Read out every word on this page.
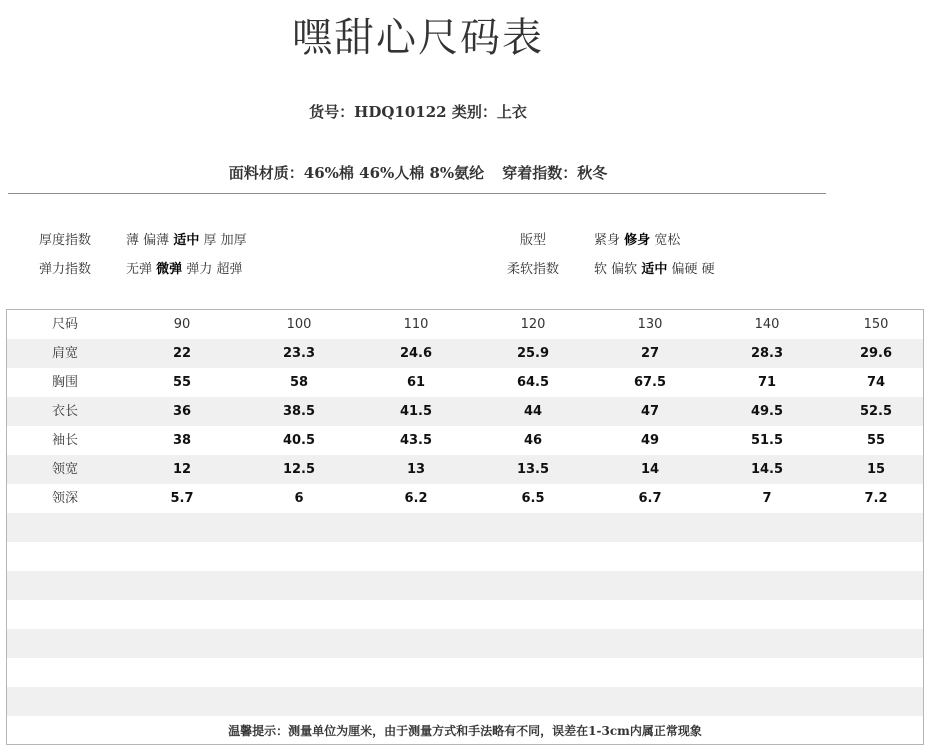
嘿甜心尺码表
货号：HDQ10122 类别：上衣
面料材质：46%棉 46%人棉 8%氨纶 穿着指数：秋冬
厚度指数	薄 偏薄 适中 厚 加厚
弹力指数	无弹 微弹 弹力 超弹
版型	紧身 修身 宽松
柔软指数	软 偏软 适中 偏硬 硬
尺码	90	100	110	120	130	140	150
肩宽	22	23.3	24.6	25.9	27	28.3	29.6
胸围	55	58	61	64.5	67.5	71	74
衣长	36	38.5	41.5	44	47	49.5	52.5
袖长	38	40.5	43.5	46	49	51.5	55
领宽	12	12.5	13	13.5	14	14.5	15
领深	5.7	6	6.2	6.5	6.7	7	7.2
温馨提示：测量单位为厘米，由于测量方式和手法略有不同，误差在1-3cm内属正常现象
